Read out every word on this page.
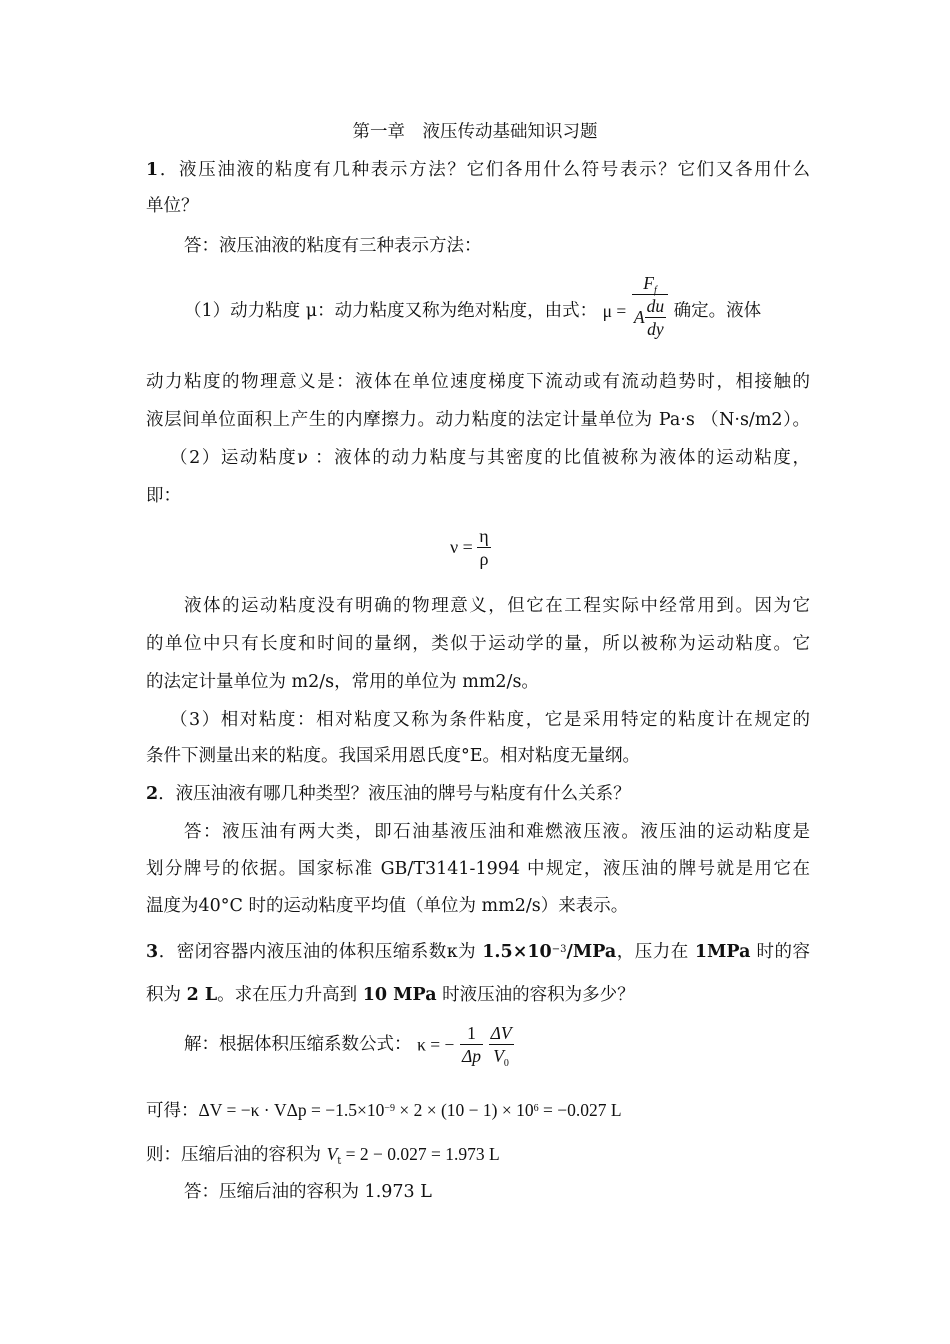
第一章　液压传动基础知识习题
1．液压油液的粘度有几种表示方法？它们各用什么符号表示？它们又各用什么
单位？
答：液压油液的粘度有三种表示方法：
（1）动力粘度 μ：动力粘度又称为绝对粘度，由式： $\mu = \frac{F_f}{A \frac{du}{dy}}$ 确定。液体
动力粘度的物理意义是：液体在单位速度梯度下流动或有流动趋势时，相接触的
液层间单位面积上产生的内摩擦力。动力粘度的法定计量单位为 Pa·s （N·s/m2）。
（2）运动粘度ν ：液体的动力粘度与其密度的比值被称为液体的运动粘度，
即：
$\nu = \frac{\eta}{\rho}$
液体的运动粘度没有明确的物理意义，但它在工程实际中经常用到。因为它
的单位中只有长度和时间的量纲，类似于运动学的量，所以被称为运动粘度。它
的法定计量单位为 m2/s，常用的单位为 mm2/s。
（3）相对粘度：相对粘度又称为条件粘度，它是采用特定的粘度计在规定的
条件下测量出来的粘度。我国采用恩氏度°E。相对粘度无量纲。
2．液压油液有哪几种类型？液压油的牌号与粘度有什么关系？
答：液压油有两大类，即石油基液压油和难燃液压液。液压油的运动粘度是
划分牌号的依据。国家标准 GB/T3141-1994 中规定，液压油的牌号就是用它在
温度为40°C 时的运动粘度平均值（单位为 mm2/s）来表示。
3．密闭容器内液压油的体积压缩系数κ为 $1.5\times 10^{-3}$/MPa，压力在 1MPa 时的容
积为 2 L。求在压力升高到 10 MPa 时液压油的容积为多少？
解：根据体积压缩系数公式： κ = − $\frac{1}{\Delta p}$
$\frac{\Delta V}{V_0}$
可得：$\Delta V = -\kappa \cdot V\Delta p = -1.5\times 10^{-9} \times 2 \times (10 - 1) \times 10^6 = -0.027$ L
则：压缩后油的容积为 $V_t = 2 - 0.027 = 1.973$ L
答：压缩后油的容积为 1.973 L
